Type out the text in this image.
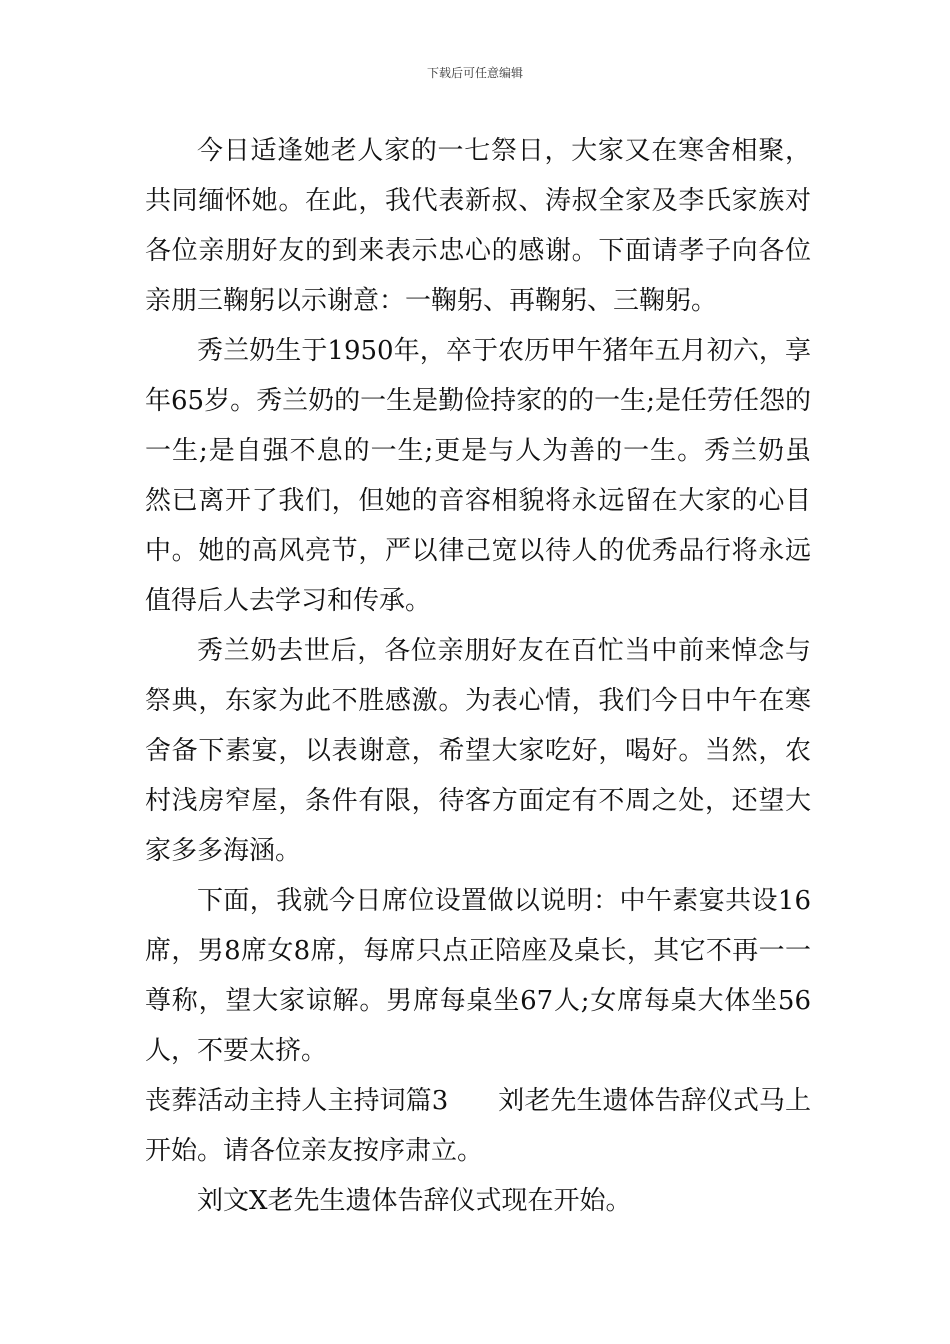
下载后可任意编辑

今日适逢她老人家的一七祭日，大家又在寒舍相聚，共同缅怀她。在此，我代表新叔、涛叔全家及李氏家族对各位亲朋好友的到来表示忠心的感谢。下面请孝子向各位亲朋三鞠躬以示谢意：一鞠躬、再鞠躬、三鞠躬。

秀兰奶生于1950年，卒于农历甲午猪年五月初六，享年65岁。秀兰奶的一生是勤俭持家的的一生;是任劳任怨的一生;是自强不息的一生;更是与人为善的一生。秀兰奶虽然已离开了我们，但她的音容相貌将永远留在大家的心目中。她的高风亮节，严以律己宽以待人的优秀品行将永远值得后人去学习和传承。

秀兰奶去世后，各位亲朋好友在百忙当中前来悼念与祭典，东家为此不胜感激。为表心情，我们今日中午在寒舍备下素宴，以表谢意，希望大家吃好，喝好。当然，农村浅房窄屋，条件有限，待客方面定有不周之处，还望大家多多海涵。

下面，我就今日席位设置做以说明：中午素宴共设16席，男8席女8席，每席只点正陪座及桌长，其它不再一一尊称，望大家谅解。男席每桌坐67人;女席每桌大体坐56人，不要太挤。

丧葬活动主持人主持词篇3 刘老先生遗体告辞仪式马上开始。请各位亲友按序肃立。

刘文X老先生遗体告辞仪式现在开始。
